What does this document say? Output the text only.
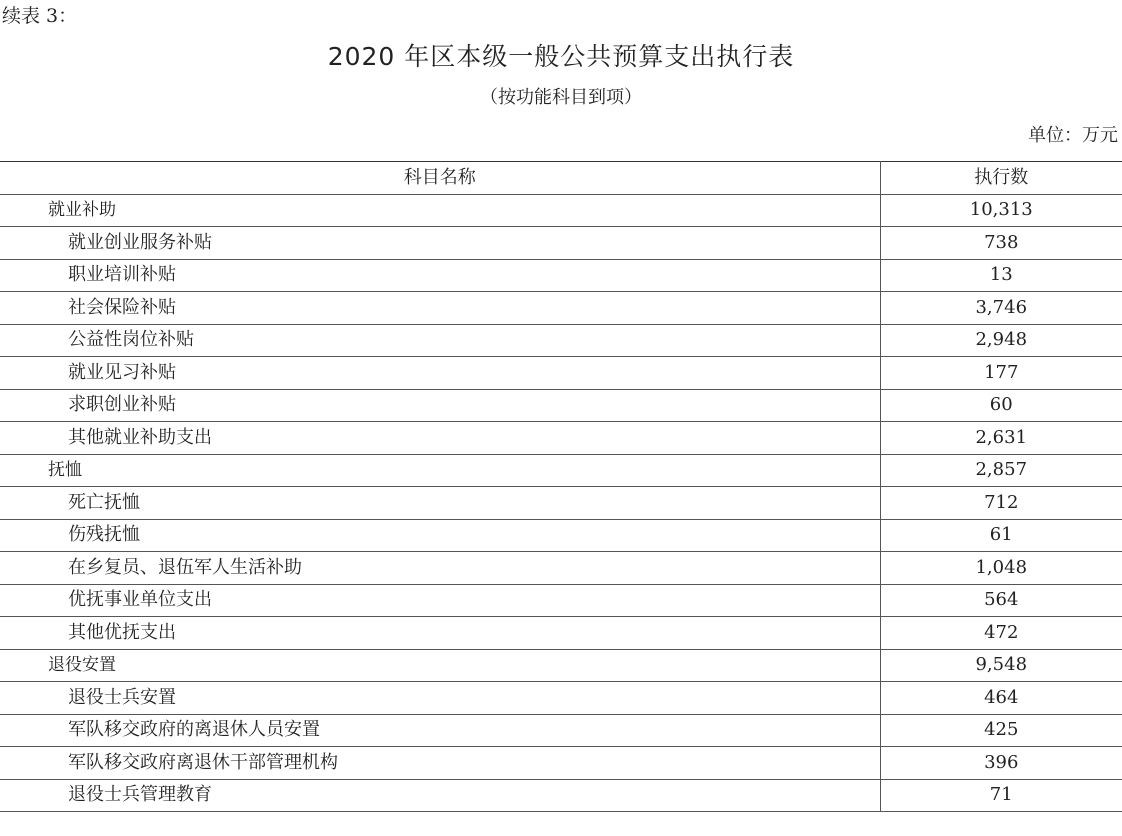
续表 3：
2020 年区本级一般公共预算支出执行表
（按功能科目到项）
单位：万元
科目名称	执行数
就业补助	10,313
就业创业服务补贴	738
职业培训补贴	13
社会保险补贴	3,746
公益性岗位补贴	2,948
就业见习补贴	177
求职创业补贴	60
其他就业补助支出	2,631
抚恤	2,857
死亡抚恤	712
伤残抚恤	61
在乡复员、退伍军人生活补助	1,048
优抚事业单位支出	564
其他优抚支出	472
退役安置	9,548
退役士兵安置	464
军队移交政府的离退休人员安置	425
军队移交政府离退休干部管理机构	396
退役士兵管理教育	71
